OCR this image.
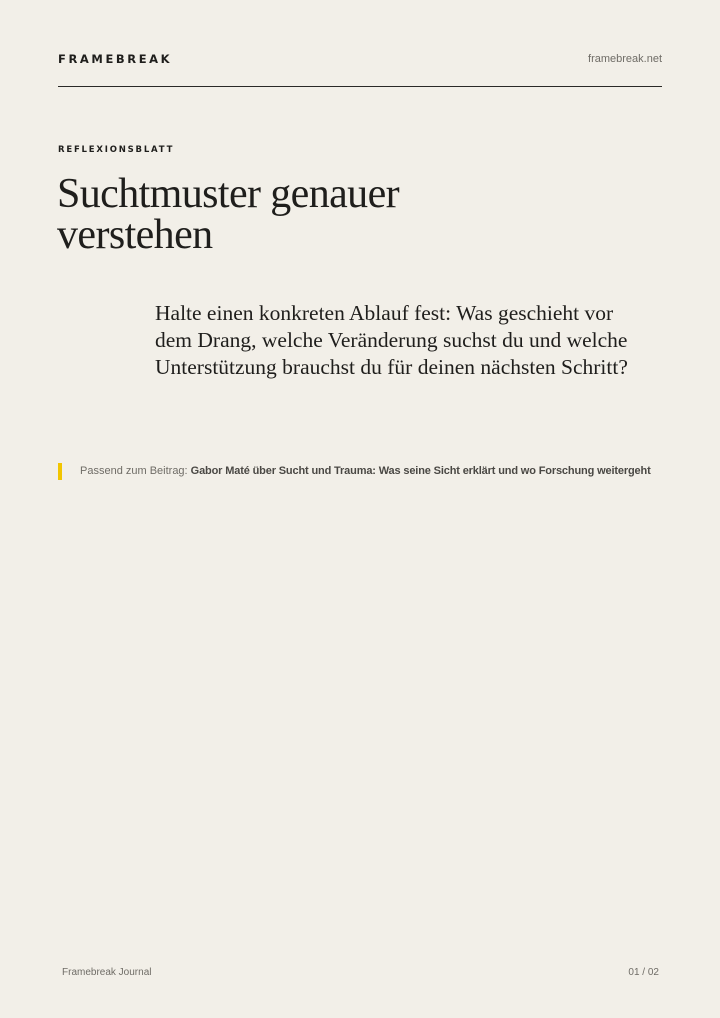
FRAMEBREAK	framebreak.net
REFLEXIONSBLATT
Suchtmuster genauer verstehen

Halte einen konkreten Ablauf fest: Was geschieht vor dem Drang, welche Veränderung suchst du und welche Unterstützung brauchst du für deinen nächsten Schritt?

Passend zum Beitrag: Gabor Maté über Sucht und Trauma: Was seine Sicht erklärt und wo Forschung weitergeht
Framebreak Journal	01 / 02
